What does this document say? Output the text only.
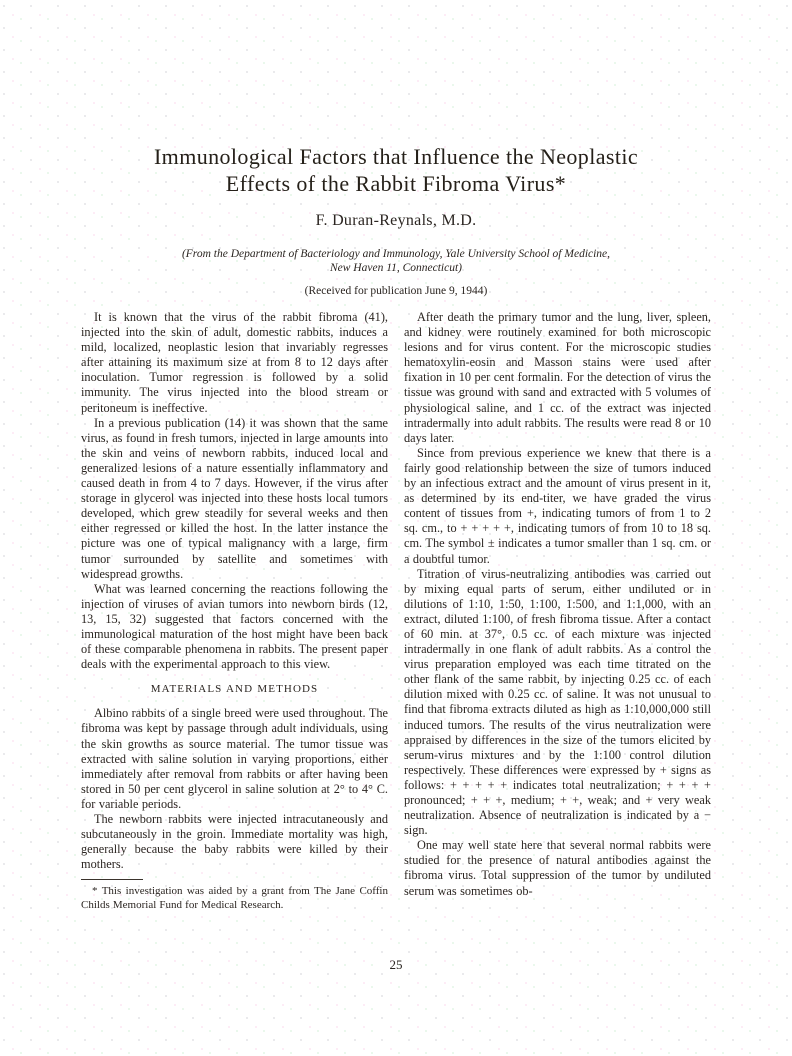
Immunological Factors that Influence the Neoplastic
Effects of the Rabbit Fibroma Virus*
F. Duran-Reynals, M.D.
(From the Department of Bacteriology and Immunology, Yale University School of Medicine,
New Haven 11, Connecticut)
(Received for publication June 9, 1944)

It is known that the virus of the rabbit fibroma (41), injected into the skin of adult, domestic rabbits, induces a mild, localized, neoplastic lesion that invariably regresses after attaining its maximum size at from 8 to 12 days after inoculation. Tumor regression is followed by a solid immunity. The virus injected into the blood stream or peritoneum is ineffective.

In a previous publication (14) it was shown that the same virus, as found in fresh tumors, injected in large amounts into the skin and veins of newborn rabbits, induced local and generalized lesions of a nature essentially inflammatory and caused death in from 4 to 7 days. However, if the virus after storage in glycerol was injected into these hosts local tumors developed, which grew steadily for several weeks and then either regressed or killed the host. In the latter instance the picture was one of typical malignancy with a large, firm tumor surrounded by satellite and sometimes with widespread growths.

What was learned concerning the reactions following the injection of viruses of avian tumors into newborn birds (12, 13, 15, 32) suggested that factors concerned with the immunological maturation of the host might have been back of these comparable phenomena in rabbits. The present paper deals with the experimental approach to this view.

MATERIALS AND METHODS

Albino rabbits of a single breed were used throughout. The fibroma was kept by passage through adult individuals, using the skin growths as source material. The tumor tissue was extracted with saline solution in varying proportions, either immediately after removal from rabbits or after having been stored in 50 per cent glycerol in saline solution at 2° to 4° C. for variable periods.

The newborn rabbits were injected intracutaneously and subcutaneously in the groin. Immediate mortality was high, generally because the baby rabbits were killed by their mothers.

* This investigation was aided by a grant from The Jane Coffin Childs Memorial Fund for Medical Research.

After death the primary tumor and the lung, liver, spleen, and kidney were routinely examined for both microscopic lesions and for virus content. For the microscopic studies hematoxylin-eosin and Masson stains were used after fixation in 10 per cent formalin. For the detection of virus the tissue was ground with sand and extracted with 5 volumes of physiological saline, and 1 cc. of the extract was injected intradermally into adult rabbits. The results were read 8 or 10 days later.

Since from previous experience we knew that there is a fairly good relationship between the size of tumors induced by an infectious extract and the amount of virus present in it, as determined by its end-titer, we have graded the virus content of tissues from +, indicating tumors of from 1 to 2 sq. cm., to + + + + +, indicating tumors of from 10 to 18 sq. cm. The symbol ± indicates a tumor smaller than 1 sq. cm. or a doubtful tumor.

Titration of virus-neutralizing antibodies was carried out by mixing equal parts of serum, either undiluted or in dilutions of 1:10, 1:50, 1:100, 1:500, and 1:1,000, with an extract, diluted 1:100, of fresh fibroma tissue. After a contact of 60 min. at 37°, 0.5 cc. of each mixture was injected intradermally in one flank of adult rabbits. As a control the virus preparation employed was each time titrated on the other flank of the same rabbit, by injecting 0.25 cc. of each dilution mixed with 0.25 cc. of saline. It was not unusual to find that fibroma extracts diluted as high as 1:10,000,000 still induced tumors. The results of the virus neutralization were appraised by differences in the size of the tumors elicited by serum-virus mixtures and by the 1:100 control dilution respectively. These differences were expressed by + signs as follows: + + + + + indicates total neutralization; + + + + pronounced; + + +, medium; + +, weak; and + very weak neutralization. Absence of neutralization is indicated by a − sign.

One may well state here that several normal rabbits were studied for the presence of natural antibodies against the fibroma virus. Total suppression of the tumor by undiluted serum was sometimes ob-

25
